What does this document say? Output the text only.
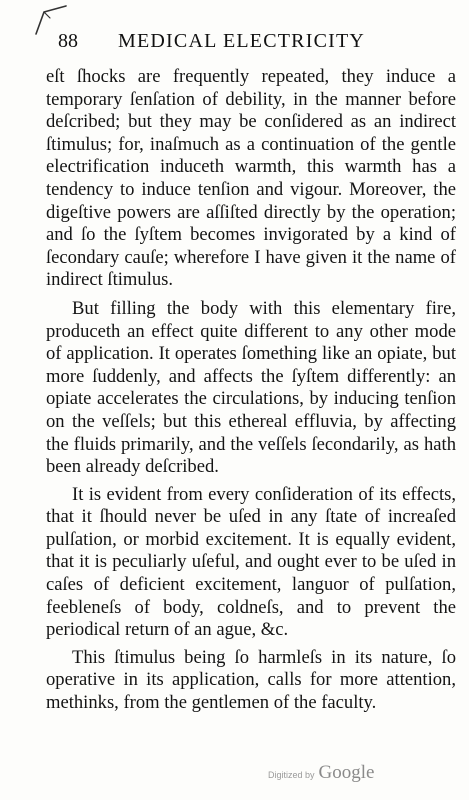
88 MEDICAL ELECTRICITY

eſt ſhocks are frequently repeated, they induce a temporary ſenſation of debility, in the manner before deſcribed; but they may be conſidered as an indirect ſtimulus; for, inaſmuch as a continuation of the gentle electrification induceth warmth, this warmth has a tendency to induce tenſion and vigour. Moreover, the digeſtive powers are aſſiſted directly by the operation; and ſo the ſyſtem becomes invigorated by a kind of ſecondary cauſe; wherefore I have given it the name of indirect ſtimulus.

But filling the body with this elementary fire, produceth an effect quite different to any other mode of application. It operates ſomething like an opiate, but more ſuddenly, and affects the ſyſtem differently: an opiate accelerates the circulations, by inducing tenſion on the veſſels; but this ethereal effluvia, by affecting the fluids primarily, and the veſſels ſecondarily, as hath been already deſcribed.

It is evident from every conſideration of its effects, that it ſhould never be uſed in any ſtate of increaſed pulſation, or morbid excitement. It is equally evident, that it is peculiarly uſeful, and ought ever to be uſed in caſes of deficient excitement, languor of pulſation, feebleneſs of body, coldneſs, and to prevent the periodical return of an ague, &c.

This ſtimulus being ſo harmleſs in its nature, ſo operative in its application, calls for more attention, methinks, from the gentlemen of the faculty.

Digitized by Google
